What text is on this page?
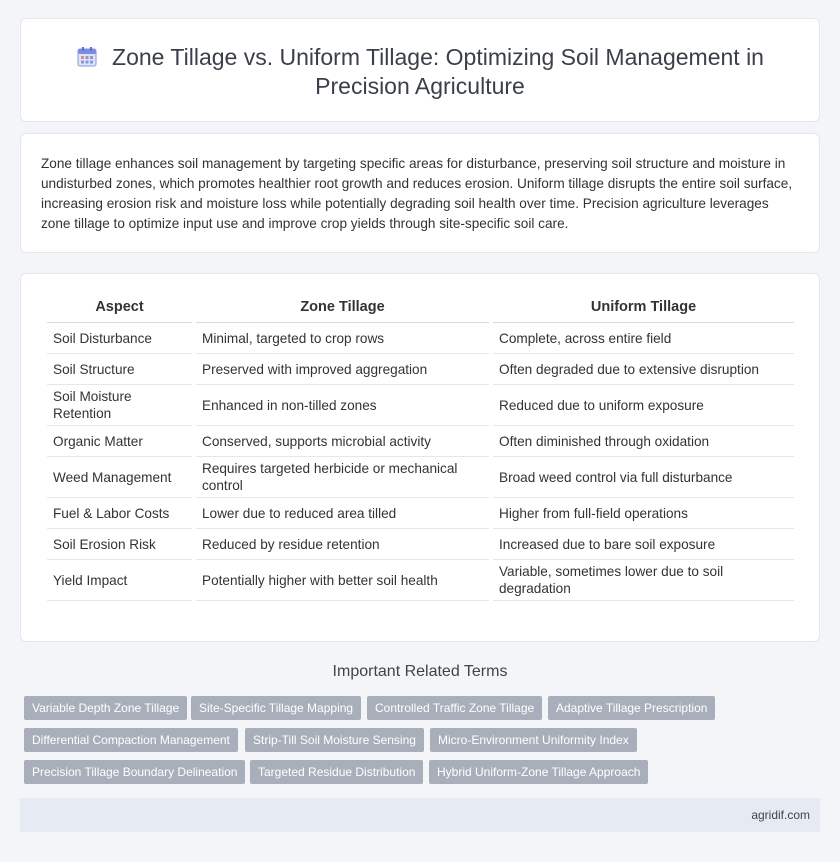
Zone Tillage vs. Uniform Tillage: Optimizing Soil Management in Precision Agriculture
Zone tillage enhances soil management by targeting specific areas for disturbance, preserving soil structure and moisture in undisturbed zones, which promotes healthier root growth and reduces erosion. Uniform tillage disrupts the entire soil surface, increasing erosion risk and moisture loss while potentially degrading soil health over time. Precision agriculture leverages zone tillage to optimize input use and improve crop yields through site-specific soil care.
Aspect	Zone Tillage	Uniform Tillage
Soil Disturbance	Minimal, targeted to crop rows	Complete, across entire field
Soil Structure	Preserved with improved aggregation	Often degraded due to extensive disruption
Soil Moisture Retention	Enhanced in non-tilled zones	Reduced due to uniform exposure
Organic Matter	Conserved, supports microbial activity	Often diminished through oxidation
Weed Management	Requires targeted herbicide or mechanical control	Broad weed control via full disturbance
Fuel & Labor Costs	Lower due to reduced area tilled	Higher from full-field operations
Soil Erosion Risk	Reduced by residue retention	Increased due to bare soil exposure
Yield Impact	Potentially higher with better soil health	Variable, sometimes lower due to soil degradation
Important Related Terms
Variable Depth Zone Tillage	Site-Specific Tillage Mapping	Controlled Traffic Zone Tillage	Adaptive Tillage Prescription
Differential Compaction Management	Strip-Till Soil Moisture Sensing	Micro-Environment Uniformity Index
Precision Tillage Boundary Delineation	Targeted Residue Distribution	Hybrid Uniform-Zone Tillage Approach
agridif.com
